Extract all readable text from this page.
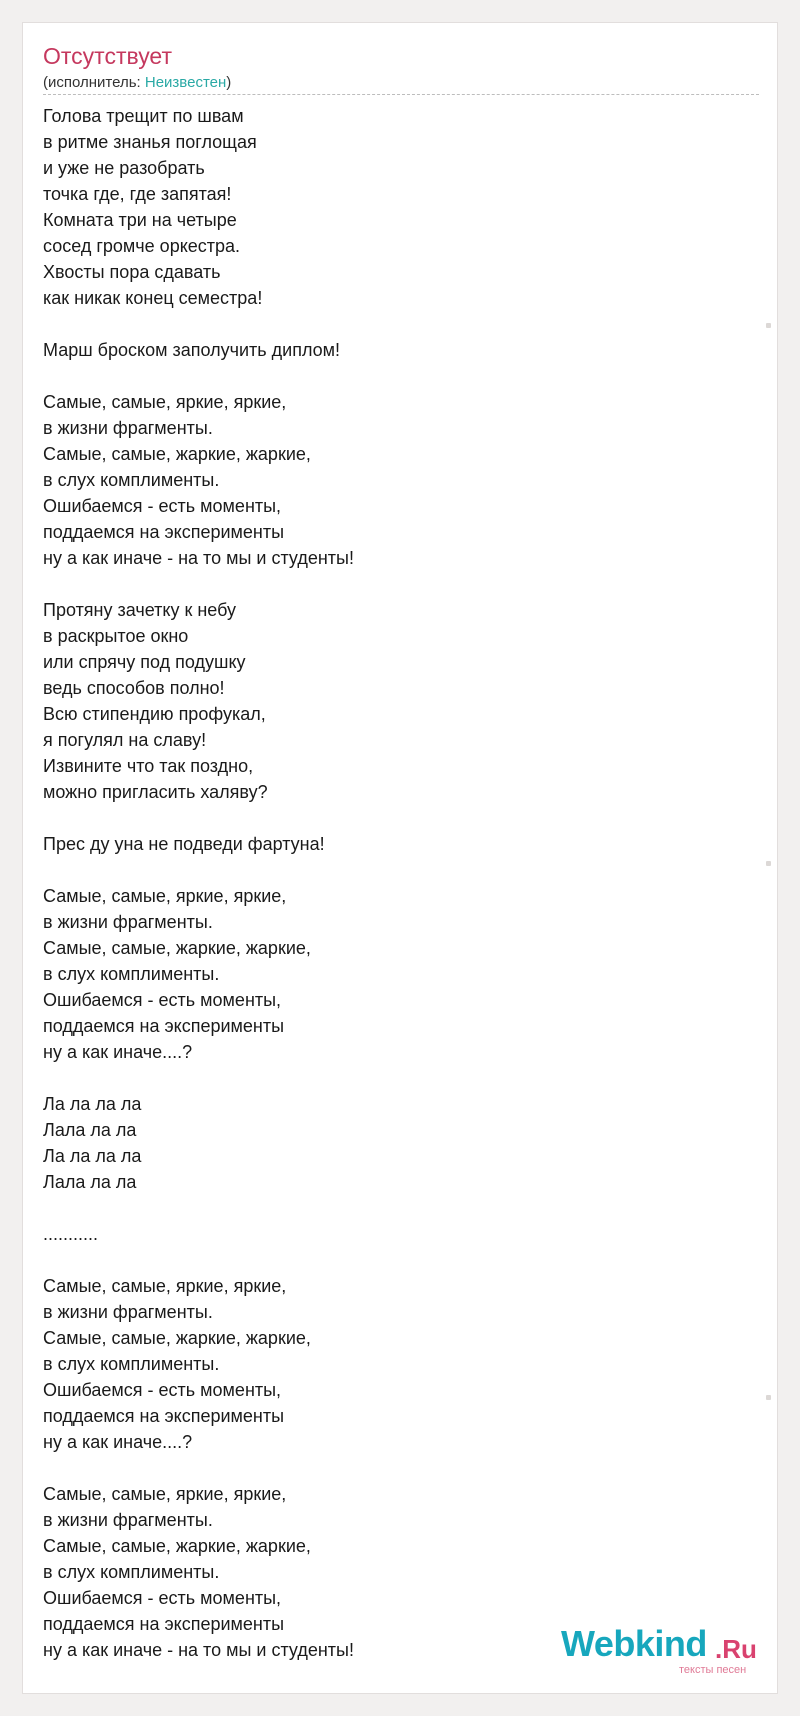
Отсутствует
(исполнитель: Неизвестен)
Голова трещит по швам
в ритме знанья поглощая
и уже не разобрать
точка где, где запятая!
Комната три на четыре
сосед громче оркестра.
Хвосты пора сдавать
как никак конец семестра!
Марш броском заполучить диплом!
Самые, самые, яркие, яркие,
в жизни фрагменты.
Самые, самые, жаркие, жаркие,
в слух комплименты.
Ошибаемся - есть моменты,
поддаемся на эксперименты
ну а как иначе - на то мы и студенты!
Протяну зачетку к небу
в раскрытое окно
или спрячу под подушку
ведь способов полно!
Всю стипендию профукал,
я погулял на славу!
Извините что так поздно,
можно пригласить халяву?
Прес ду уна не подведи фартуна!
Самые, самые, яркие, яркие,
в жизни фрагменты.
Самые, самые, жаркие, жаркие,
в слух комплименты.
Ошибаемся - есть моменты,
поддаемся на эксперименты
ну а как иначе....?
Ла ла ла ла
Лала ла ла
Ла ла ла ла
Лала ла ла
...........
Самые, самые, яркие, яркие,
в жизни фрагменты.
Самые, самые, жаркие, жаркие,
в слух комплименты.
Ошибаемся - есть моменты,
поддаемся на эксперименты
ну а как иначе....?
Самые, самые, яркие, яркие,
в жизни фрагменты.
Самые, самые, жаркие, жаркие,
в слух комплименты.
Ошибаемся - есть моменты,
поддаемся на эксперименты
ну а как иначе - на то мы и студенты!	Webkind .Ru
тексты песен
